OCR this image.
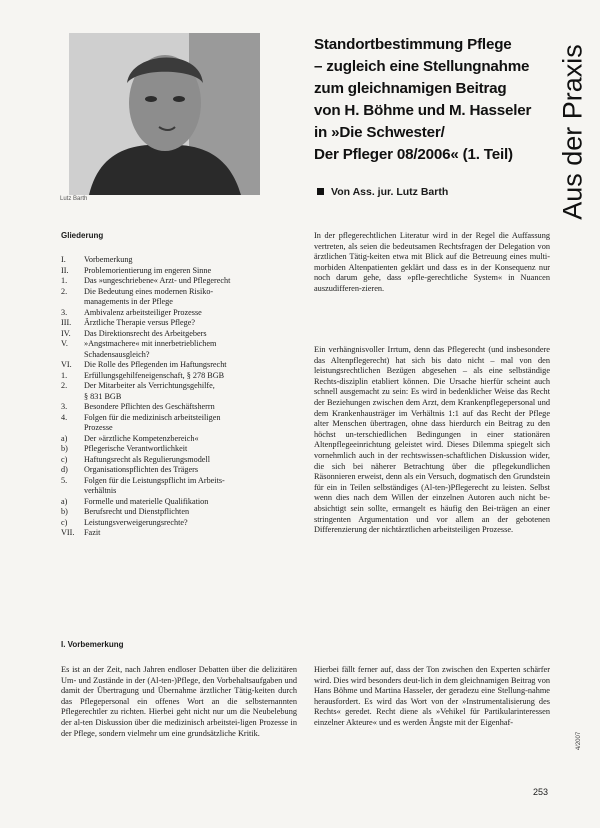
Lutz Barth
Standortbestimmung Pflege
– zugleich eine Stellungnahme
zum gleichnamigen Beitrag
von H. Böhme und M. Hasseler
in »Die Schwester/
Der Pfleger 08/2006« (1. Teil)
Von Ass. jur. Lutz Barth	Aus der Praxis
Gliederung
I.	Vorbemerkung
II.	Problemorientierung im engeren Sinne
1.	Das »ungeschriebene« Arzt- und Pflegerecht
2.	Die Bedeutung eines modernen Risiko-
managements in der Pflege
3.	Ambivalenz arbeitsteiliger Prozesse
III.	Ärztliche Therapie versus Pflege?
IV.	Das Direktionsrecht des Arbeitgebers
V.	»Angstmachere« mit innerbetrieblichem
Schadensausgleich?
VI.	Die Rolle des Pflegenden im Haftungsrecht
1.	Erfüllungsgehilfeneigenschaft, § 278 BGB
2.	Der Mitarbeiter als Verrichtungsgehilfe,
§ 831 BGB
3.	Besondere Pflichten des Geschäftsherrn
4.	Folgen für die medizinisch arbeitsteiligen
Prozesse
a)	Der »ärztliche Kompetenzbereich«
b)	Pflegerische Verantwortlichkeit
c)	Haftungsrecht als Regulierungsmodell
d)	Organisationspflichten des Trägers
5.	Folgen für die Leistungspflicht im Arbeits-
verhältnis
a)	Formelle und materielle Qualifikation
b)	Berufsrecht und Dienstpflichten
c)	Leistungsverweigerungsrechte?
VII.	Fazit
I. Vorbemerkung
Es ist an der Zeit, nach Jahren endloser Debatten über die delizitären Um- und Zustände in der (Al-ten-)Pflege, den Vorbehaltsaufgaben und damit der Übertragung und Übernahme ärztlicher Tätig-keiten durch das Pflegepersonal ein offenes Wort an die selbsternannten Pflegerechtler zu richten. Hierbei geht nicht nur um die Neubelebung der al-ten Diskussion über die medizinisch arbeitstei-ligen Prozesse in der Pflege, sondern vielmehr um eine grundsätzliche Kritik.
In der pflegerechtlichen Literatur wird in der Regel die Auffassung vertreten, als seien die bedeutsamen Rechtsfragen der Delegation von ärztlichen Tätig-keiten etwa mit Blick auf die Betreuung eines multi-morbiden Altenpatienten geklärt und dass es in der Konsequenz nur noch darum gehe, dass »pfle-gerechtliche System« in Nuancen auszudifferen-zieren.
Ein verhängnisvoller Irrtum, denn das Pflegerecht (und insbesondere das Altenpflegerecht) hat sich bis dato nicht – mal von den leistungsrechtlichen Bezügen abgesehen – als eine selbständige Rechts-disziplin etabliert können. Die Ursache hierfür scheint auch schnell ausgemacht zu sein: Es wird in bedenklicher Weise das Recht der Beziehungen zwischen dem Arzt, dem Krankenpflegepersonal und dem Krankenhausträger im Verhältnis 1:1 auf das Recht der Pflege alter Menschen übertragen, ohne dass hierdurch ein Beitrag zu den höchst un-terschiedlichen Bedingungen in einer stationären Altenpflegeeinrichtung geleistet wird. Dieses Dilemma spiegelt sich vornehmlich auch in der rechtswissen-schaftlichen Diskussion wider, die sich bei näherer Betrachtung über die pflegekundlichen Räsonnieren erweist, denn als ein Versuch, dogmatisch den Grundstein für ein in Teilen selbständiges (Al-ten-)Pflegerecht zu leisten. Selbst wenn dies nach dem Willen der einzelnen Autoren auch nicht be-absichtigt sein sollte, ermangelt es häufig den Bei-trägen an einer stringenten Argumentation und vor allem an der gebotenen Differenzierung der nichtärztlichen arbeitsteiligen Prozesse.
Hierbei fällt ferner auf, dass der Ton zwischen den Experten schärfer wird. Dies wird besonders deut-lich in dem gleichnamigen Beitrag von Hans Böhme und Martina Hasseler, der geradezu eine Stellung-nahme herausfordert. Es wird das Wort von der »Instrumentalisierung des Rechts« geredet. Recht diene als »Vehikel für Partikularinteressen einzelner Akteure« und es werden Ängste mit der Eigenhaf-
253
4/2007
